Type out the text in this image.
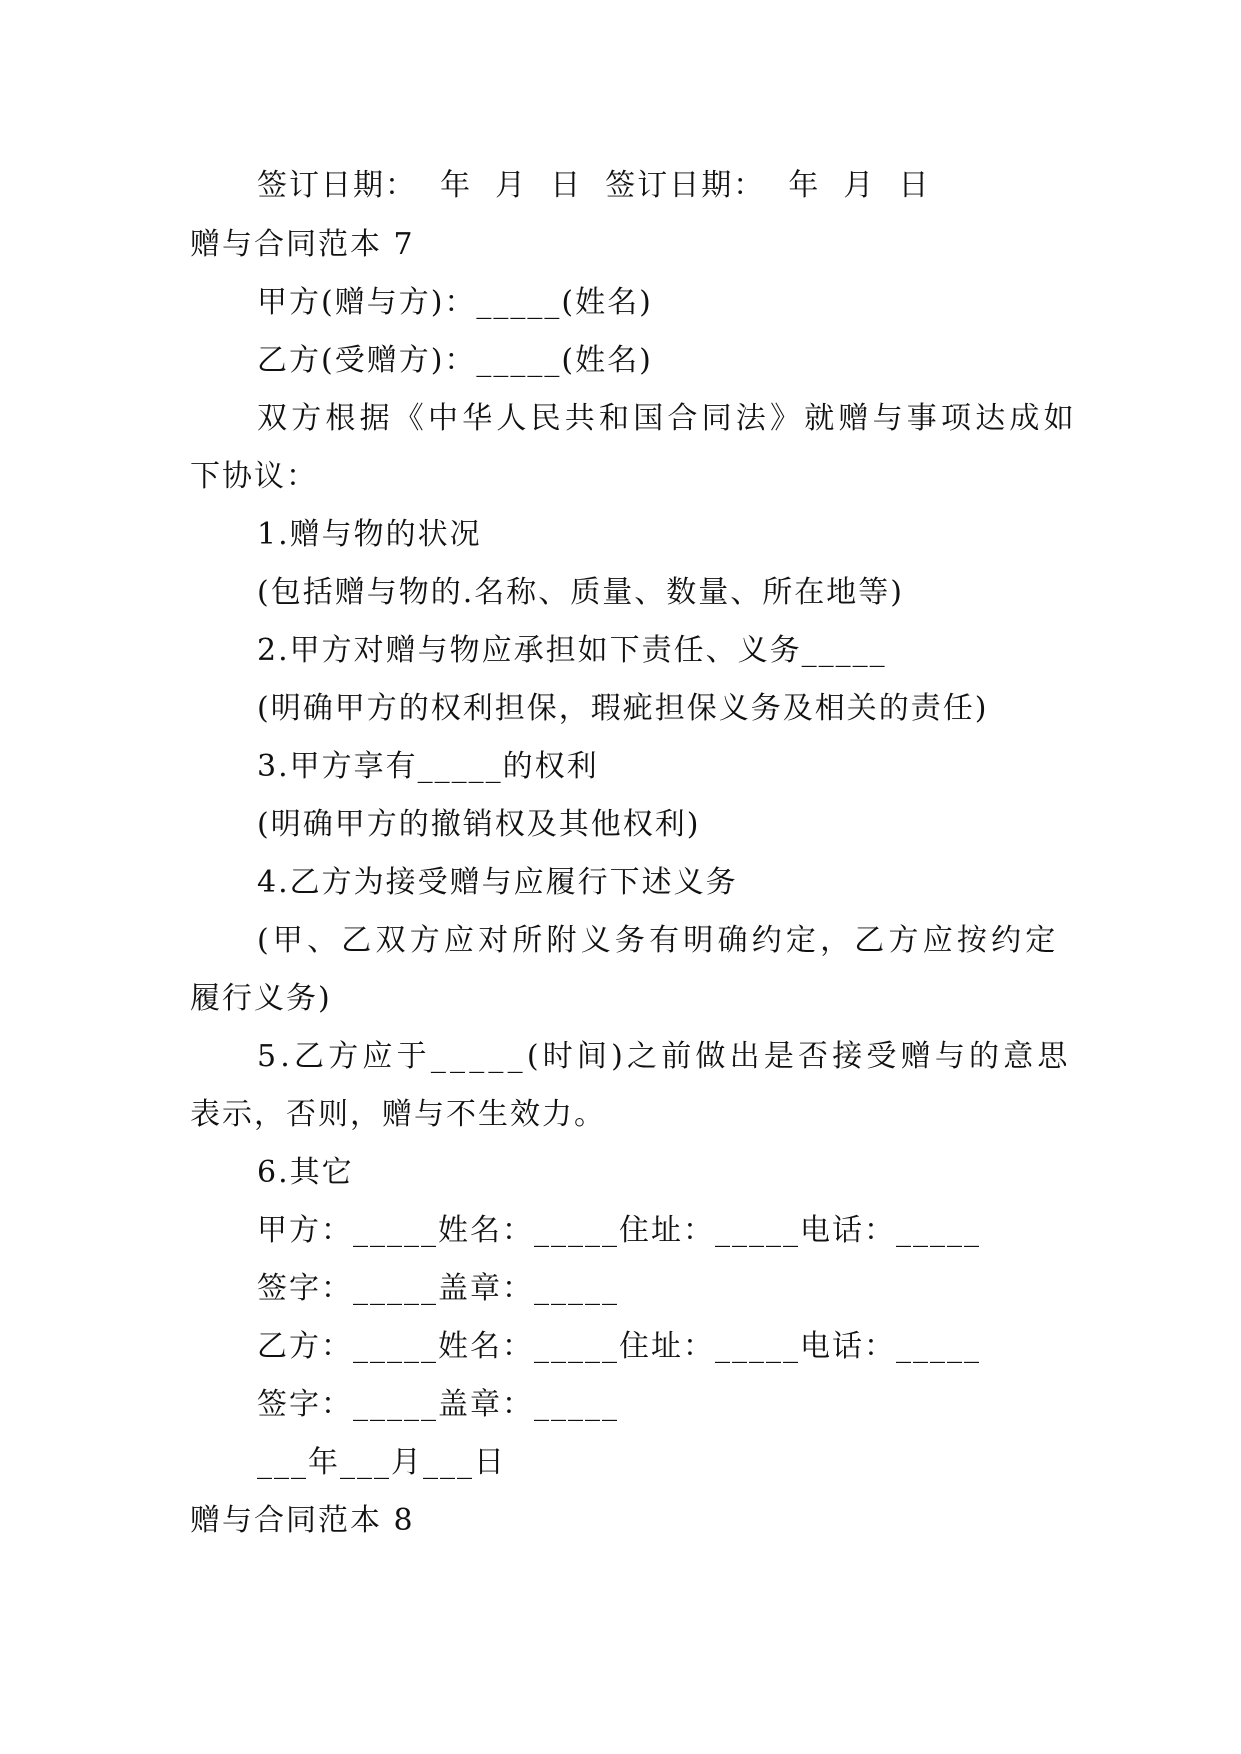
签订日期：  年  月  日  签订日期：  年  月  日
赠与合同范本 7
甲方(赠与方)：_____(姓名)
乙方(受赠方)：_____(姓名)
双方根据《中华人民共和国合同法》就赠与事项达成如
下协议：
1.赠与物的状况
(包括赠与物的.名称、质量、数量、所在地等)
2.甲方对赠与物应承担如下责任、义务_____
(明确甲方的权利担保，瑕疵担保义务及相关的责任)
3.甲方享有_____的权利
(明确甲方的撤销权及其他权利)
4.乙方为接受赠与应履行下述义务
(甲、乙双方应对所附义务有明确约定，乙方应按约定
履行义务)
5.乙方应于_____(时间)之前做出是否接受赠与的意思
表示，否则，赠与不生效力。
6.其它
甲方：_____姓名：_____住址：_____电话：_____
签字：_____盖章：_____
乙方：_____姓名：_____住址：_____电话：_____
签字：_____盖章：_____
___年___月___日
赠与合同范本 8
